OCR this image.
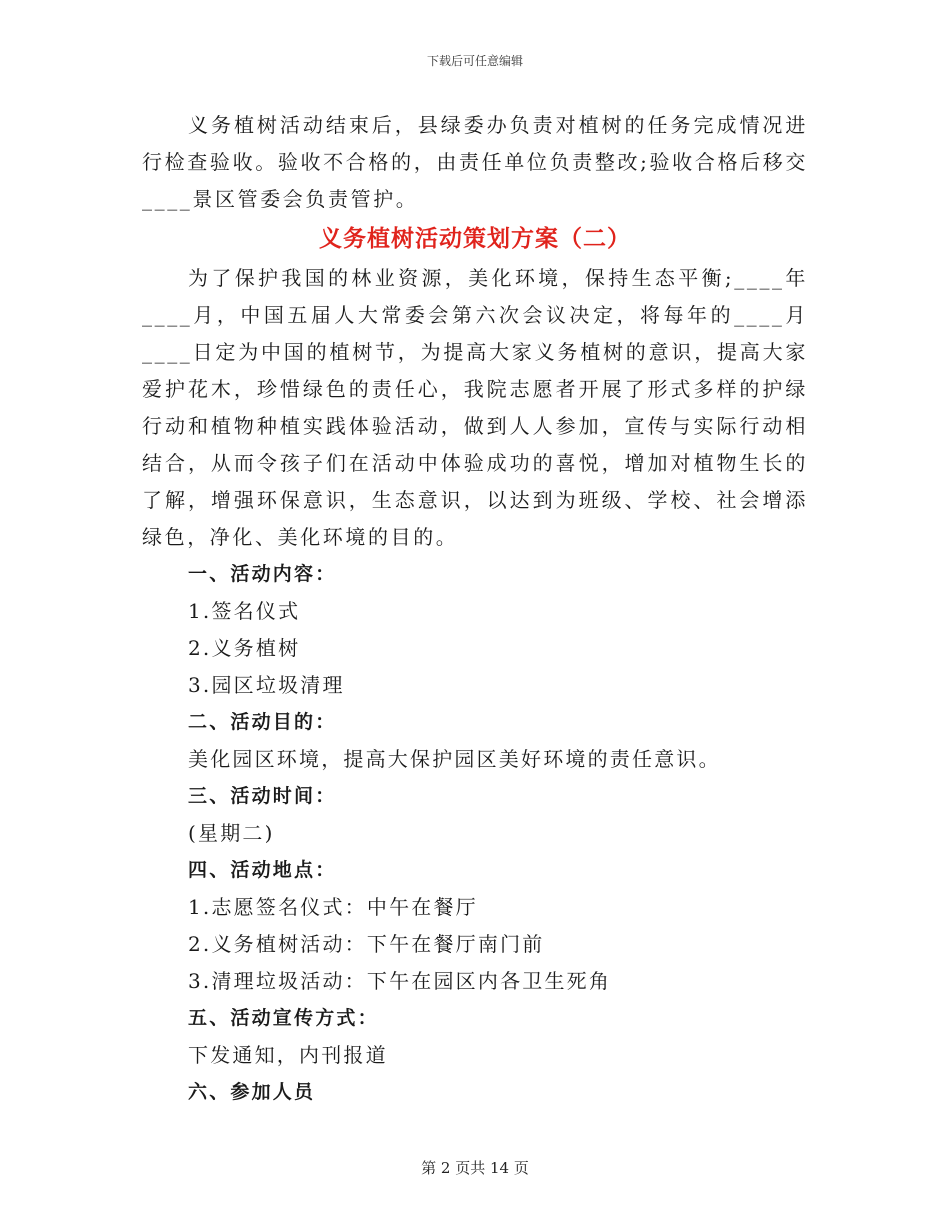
下载后可任意编辑

义务植树活动结束后，县绿委办负责对植树的任务完成情况进行检查验收。验收不合格的，由责任单位负责整改;验收合格后移交____景区管委会负责管护。

义务植树活动策划方案（二）

为了保护我国的林业资源，美化环境，保持生态平衡;____年____月，中国五届人大常委会第六次会议决定，将每年的____月____日定为中国的植树节，为提高大家义务植树的意识，提高大家爱护花木，珍惜绿色的责任心，我院志愿者开展了形式多样的护绿行动和植物种植实践体验活动，做到人人参加，宣传与实际行动相结合，从而令孩子们在活动中体验成功的喜悦，增加对植物生长的了解，增强环保意识，生态意识，以达到为班级、学校、社会增添绿色，净化、美化环境的目的。

一、活动内容：

1.签名仪式

2.义务植树

3.园区垃圾清理

二、活动目的：

美化园区环境，提高大保护园区美好环境的责任意识。

三、活动时间：

(星期二)

四、活动地点：

1.志愿签名仪式：中午在餐厅

2.义务植树活动：下午在餐厅南门前

3.清理垃圾活动：下午在园区内各卫生死角

五、活动宣传方式：

下发通知，内刊报道

六、参加人员

第 2 页共 14 页
